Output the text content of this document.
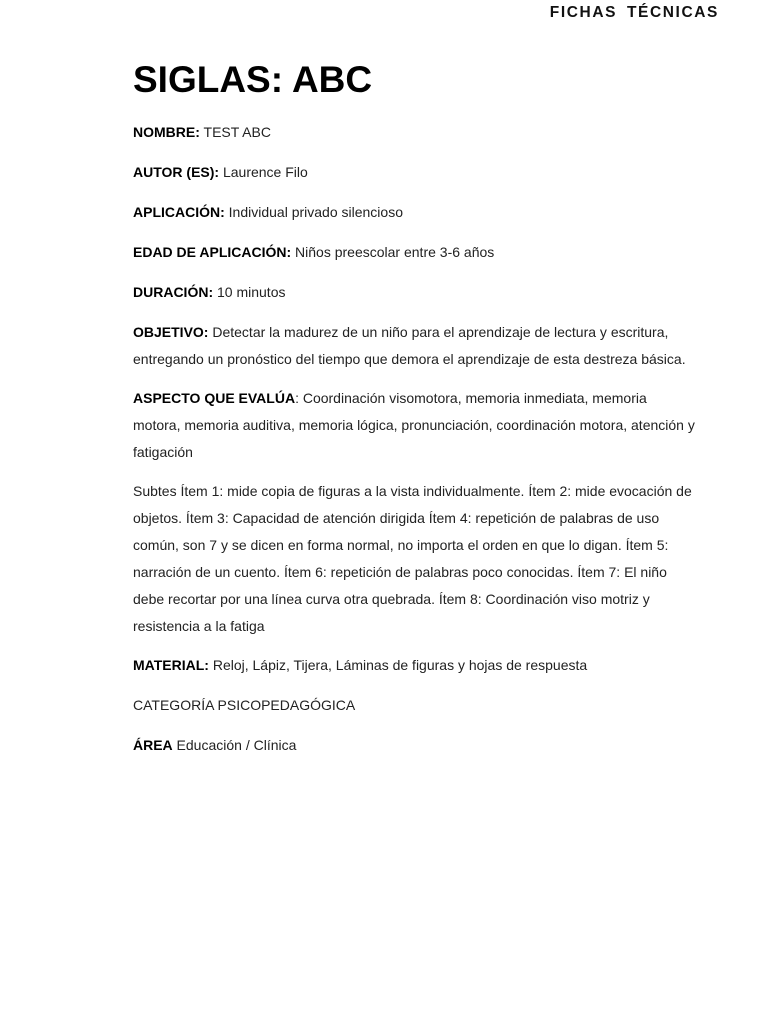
FICHAS TÉCNICAS
SIGLAS: ABC

NOMBRE: TEST ABC

AUTOR (ES): Laurence Filo

APLICACIÓN: Individual privado silencioso

EDAD DE APLICACIÓN: Niños preescolar entre 3-6 años

DURACIÓN: 10 minutos

OBJETIVO: Detectar la madurez de un niño para el aprendizaje de lectura y escritura, entregando un pronóstico del tiempo que demora el aprendizaje de esta destreza básica.

ASPECTO QUE EVALÚA: Coordinación visomotora, memoria inmediata, memoria motora, memoria auditiva, memoria lógica, pronunciación, coordinación motora, atención y fatigación

Subtes Ítem 1: mide copia de figuras a la vista individualmente. Ítem 2: mide evocación de objetos. Ítem 3: Capacidad de atención dirigida Ítem 4: repetición de palabras de uso común, son 7 y se dicen en forma normal, no importa el orden en que lo digan. Ítem 5: narración de un cuento. Ítem 6: repetición de palabras poco conocidas. Ítem 7: El niño debe recortar por una línea curva otra quebrada. Ítem 8: Coordinación viso motriz y resistencia a la fatiga

MATERIAL: Reloj, Lápiz, Tijera, Láminas de figuras y hojas de respuesta

CATEGORÍA PSICOPEDAGÓGICA

ÁREA Educación / Clínica
